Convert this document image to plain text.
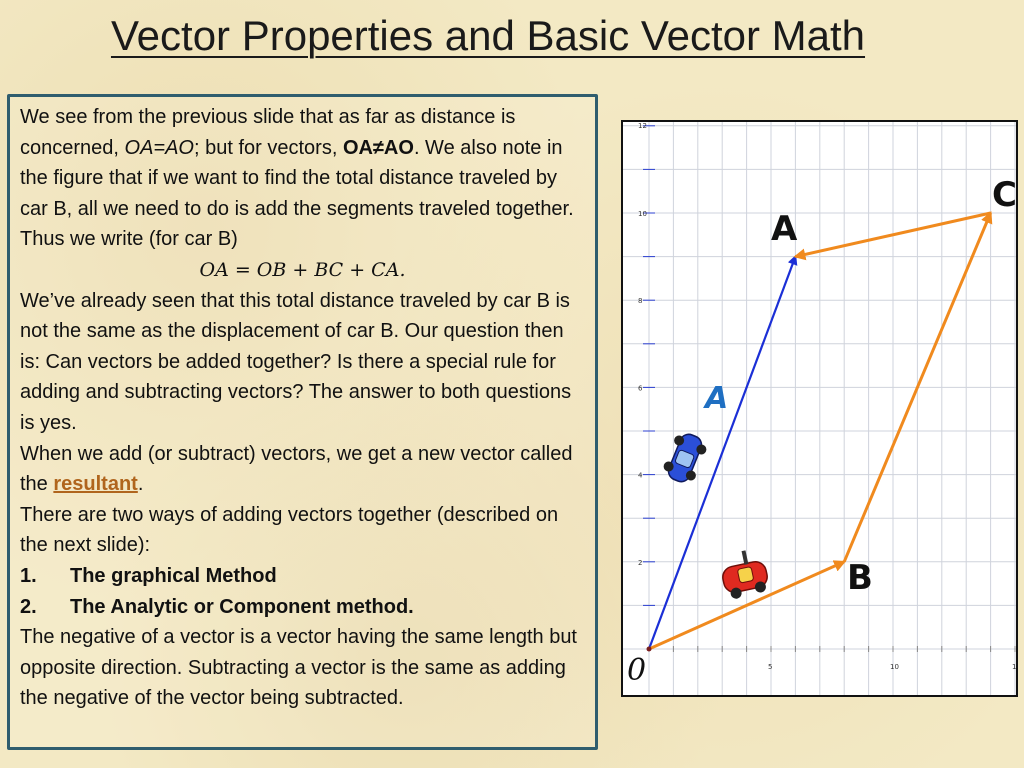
Vector Properties and Basic Vector Math

We see from the previous slide that as far as distance is concerned, OA=AO; but for vectors, OA≠AO. We also note in the figure that if we want to find the total distance traveled by car B, all we need to do is add the segments traveled together. Thus we write (for car B)

OA = OB + BC + CA.

We’ve already seen that this total distance traveled by car B is not the same as the displacement of car B. Our question then is: Can vectors be added together? Is there a special rule for adding and subtracting vectors? The answer to both questions is yes.

When we add (or subtract) vectors, we get a new vector called the resultant.

There are two ways of adding vectors together (described on the next slide):

1.	The graphical Method
2.	The Analytic or Component method.

The negative of a vector is a vector having the same length but opposite direction. Subtracting a vector is the same as adding the negative of the vector being subtracted.

10
8
6
4
2
12
5	10	1
A
B
C
A
0
